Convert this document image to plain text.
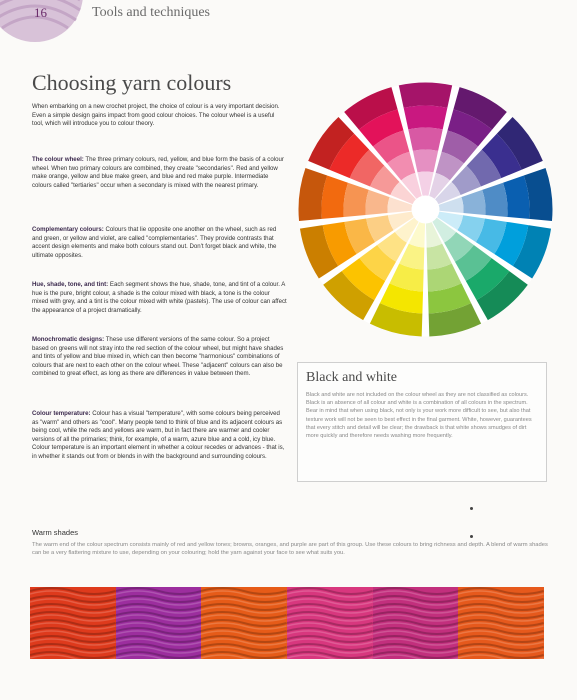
16	Tools and techniques
Choosing yarn colours

When embarking on a new crochet project, the choice of colour is a very important decision. Even a simple design gains impact from good colour choices. The colour wheel is a useful tool, which will introduce you to colour theory.

The colour wheel: The three primary colours, red, yellow, and blue form the basis of a colour wheel. When two primary colours are combined, they create "secondaries". Red and yellow make orange, yellow and blue make green, and blue and red make purple. Intermediate colours called "tertiaries" occur when a secondary is mixed with the nearest primary.

Complementary colours: Colours that lie opposite one another on the wheel, such as red and green, or yellow and violet, are called "complementaries". They provide contrasts that accent design elements and make both colours stand out. Don't forget black and white, the ultimate opposites.

Hue, shade, tone, and tint: Each segment shows the hue, shade, tone, and tint of a colour. A hue is the pure, bright colour, a shade is the colour mixed with black, a tone is the colour mixed with grey, and a tint is the colour mixed with white (pastels). The use of colour can affect the appearance of a project dramatically.

Monochromatic designs: These use different versions of the same colour. So a project based on greens will not stray into the red section of the colour wheel, but might have shades and tints of yellow and blue mixed in, which can then become "harmonious" combinations of colours that are next to each other on the colour wheel. These "adjacent" colours can also be combined to great effect, as long as there are differences in value between them.

Colour temperature: Colour has a visual "temperature", with some colours being perceived as "warm" and others as "cool". Many people tend to think of blue and its adjacent colours as being cool, while the reds and yellows are warm, but in fact there are warmer and cooler versions of all the primaries; think, for example, of a warm, azure blue and a cold, icy blue. Colour temperature is an important element in whether a colour recedes or advances - that is, in whether it stands out from or blends in with the background and surrounding colours.

Black and white

Black and white are not included on the colour wheel as they are not classified as colours. Black is an absence of all colour and white is a combination of all colours in the spectrum. Bear in mind that when using black, not only is your work more difficult to see, but also that texture work will not be seen to best effect in the final garment. White, however, guarantees that every stitch and detail will be clear; the drawback is that white shows smudges of dirt more quickly and therefore needs washing more frequently.

Warm shades

The warm end of the colour spectrum consists mainly of red and yellow tones; browns, oranges, and purple are part of this group. Use these colours to bring richness and depth. A blend of warm shades can be a very flattering mixture to use, depending on your colouring; hold the yarn against your face to see what suits you.
